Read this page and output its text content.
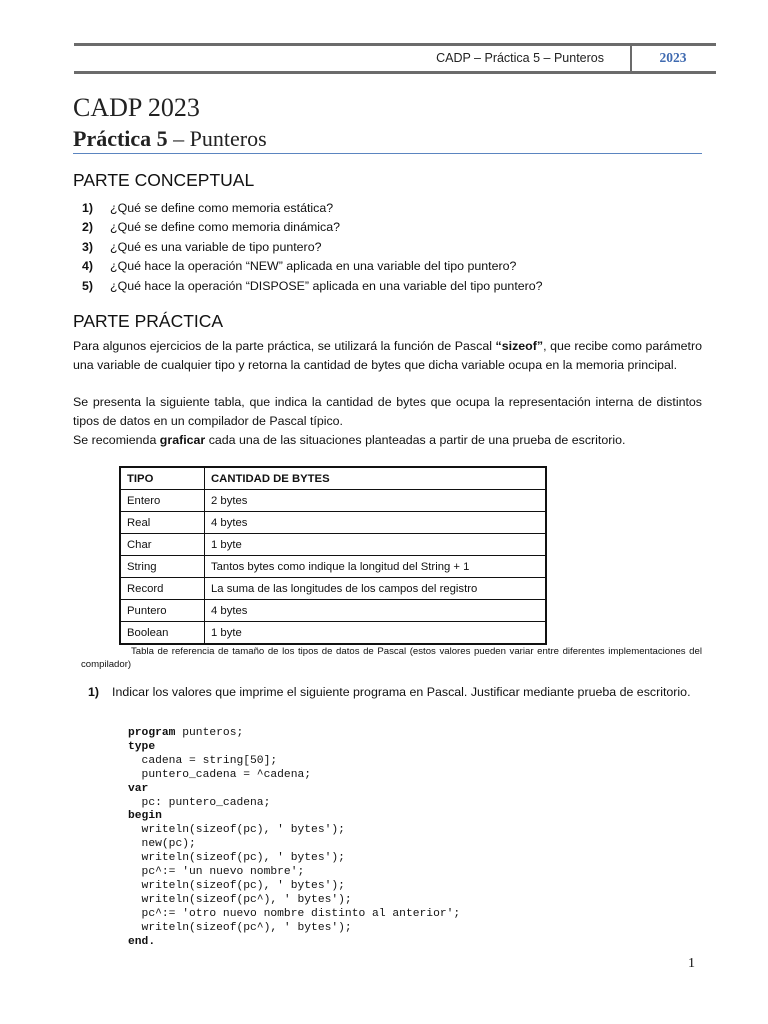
CADP – Práctica 5 – Punteros	2023
CADP 2023
Práctica 5 – Punteros
PARTE CONCEPTUAL
1)	¿Qué se define como memoria estática?
2)	¿Qué se define como memoria dinámica?
3)	¿Qué es una variable de tipo puntero?
4)	¿Qué hace la operación “NEW” aplicada en una variable del tipo puntero?
5)	¿Qué hace la operación “DISPOSE” aplicada en una variable del tipo puntero?
PARTE PRÁCTICA
Para algunos ejercicios de la parte práctica, se utilizará la función de Pascal “sizeof”, que recibe como parámetro una variable de cualquier tipo y retorna la cantidad de bytes que dicha variable ocupa en la memoria principal.
Se presenta la siguiente tabla, que indica la cantidad de bytes que ocupa la representación interna de distintos tipos de datos en un compilador de Pascal típico.
Se recomienda graficar cada una de las situaciones planteadas a partir de una prueba de escritorio.
TIPO	CANTIDAD DE BYTES
Entero	2 bytes
Real	4 bytes
Char	1 byte
String	Tantos bytes como indique la longitud del String + 1
Record	La suma de las longitudes de los campos del registro
Puntero	4 bytes
Boolean	1 byte
Tabla de referencia de tamaño de los tipos de datos de Pascal (estos valores pueden variar entre diferentes implementaciones del compilador)
1)	Indicar los valores que imprime el siguiente programa en Pascal. Justificar mediante prueba de escritorio.
program punteros;
type
cadena = string[50];
puntero_cadena = ^cadena;
var
pc: puntero_cadena;
begin
writeln(sizeof(pc), ' bytes');
new(pc);
writeln(sizeof(pc), ' bytes');
pc^:= 'un nuevo nombre';
writeln(sizeof(pc), ' bytes');
writeln(sizeof(pc^), ' bytes');
pc^:= 'otro nuevo nombre distinto al anterior';
writeln(sizeof(pc^), ' bytes');
end.
1
